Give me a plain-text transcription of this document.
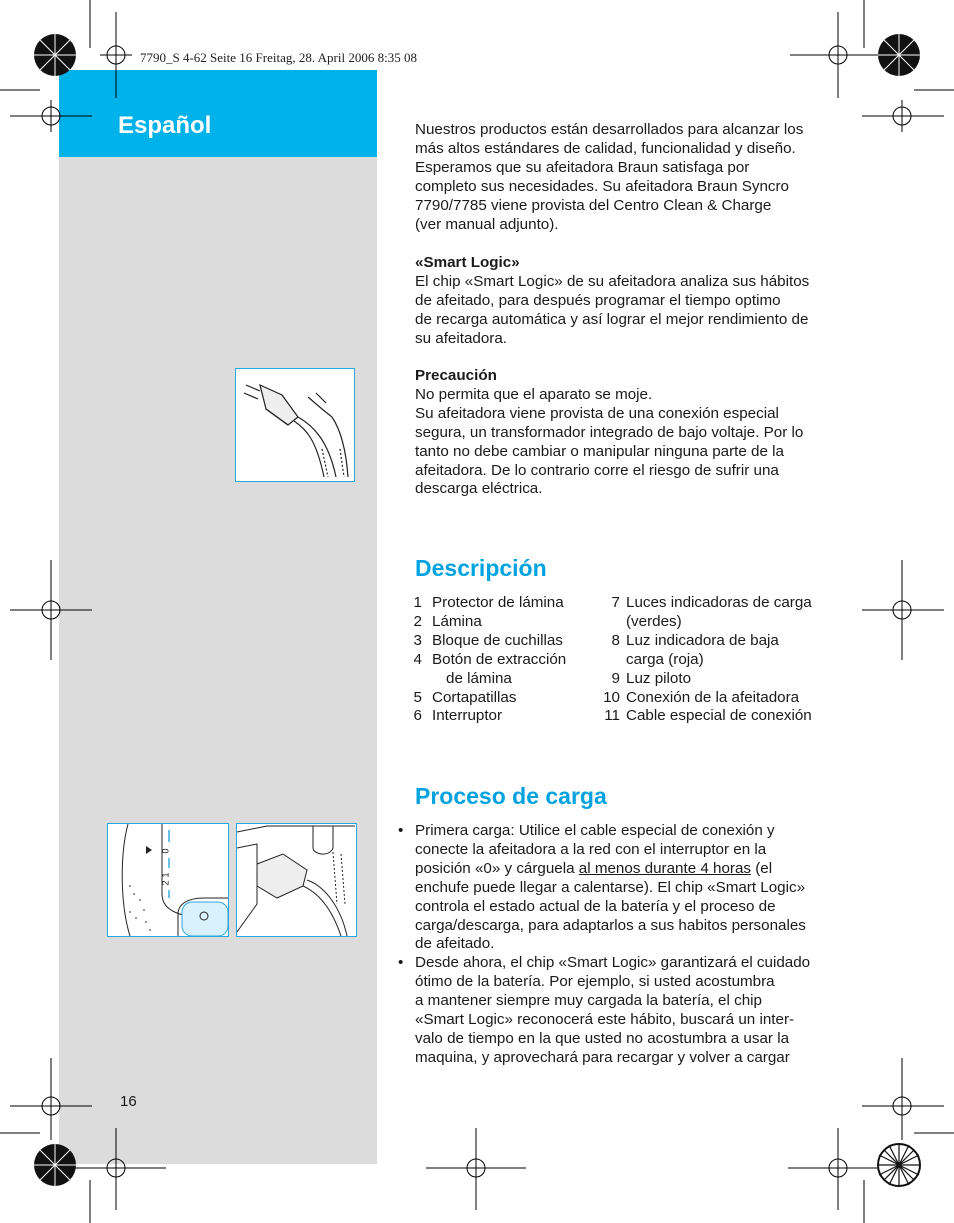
Español
7790_S 4-62 Seite 16 Freitag, 28. April 2006 8:35 08
0
1
2
16

Nuestros productos están desarrollados para alcanzar los

más altos estándares de calidad, funcionalidad y diseño.

Esperamos que su afeitadora Braun satisfaga por

completo sus necesidades. Su afeitadora Braun Syncro

7790/7785 viene provista del Centro Clean & Charge

(ver manual adjunto).

«Smart Logic»

El chip «Smart Logic» de su afeitadora analiza sus hábitos

de afeitado, para después programar el tiempo optimo

de recarga automática y así lograr el mejor rendimiento de

su afeitadora.

Precaución

No permita que el aparato se moje.

Su afeitadora viene provista de una conexión especial

segura, un transformador integrado de bajo voltaje. Por lo

tanto no debe cambiar o manipular ninguna parte de la

afeitadora. De lo contrario corre el riesgo de sufrir una

descarga eléctrica.

Descripción
1 Protector de lámina
2 Lámina
3 Bloque de cuchillas
4 Botón de extracción
de lámina
5 Cortapatillas
6 Interruptor
7 Luces indicadoras de carga
(verdes)
8 Luz indicadora de baja
carga (roja)
9 Luz piloto
10 Conexión de la afeitadora
11 Cable especial de conexión
Proceso de carga
• Primera carga: Utilice el cable especial de conexión y
conecte la afeitadora a la red con el interruptor en la
posición «0» y cárguela al menos durante 4 horas (el
enchufe puede llegar a calentarse). El chip «Smart Logic»
controla el estado actual de la batería y el proceso de
carga/descarga, para adaptarlos a sus habitos personales
de afeitado.
• Desde ahora, el chip «Smart Logic» garantizará el cuidado
ótimo de la batería. Por ejemplo, si usted acostumbra
a mantener siempre muy cargada la batería, el chip
«Smart Logic» reconocerá este hábito, buscará un inter-
valo de tiempo en la que usted no acostumbra a usar la
maquina, y aprovechará para recargar y volver a cargar
